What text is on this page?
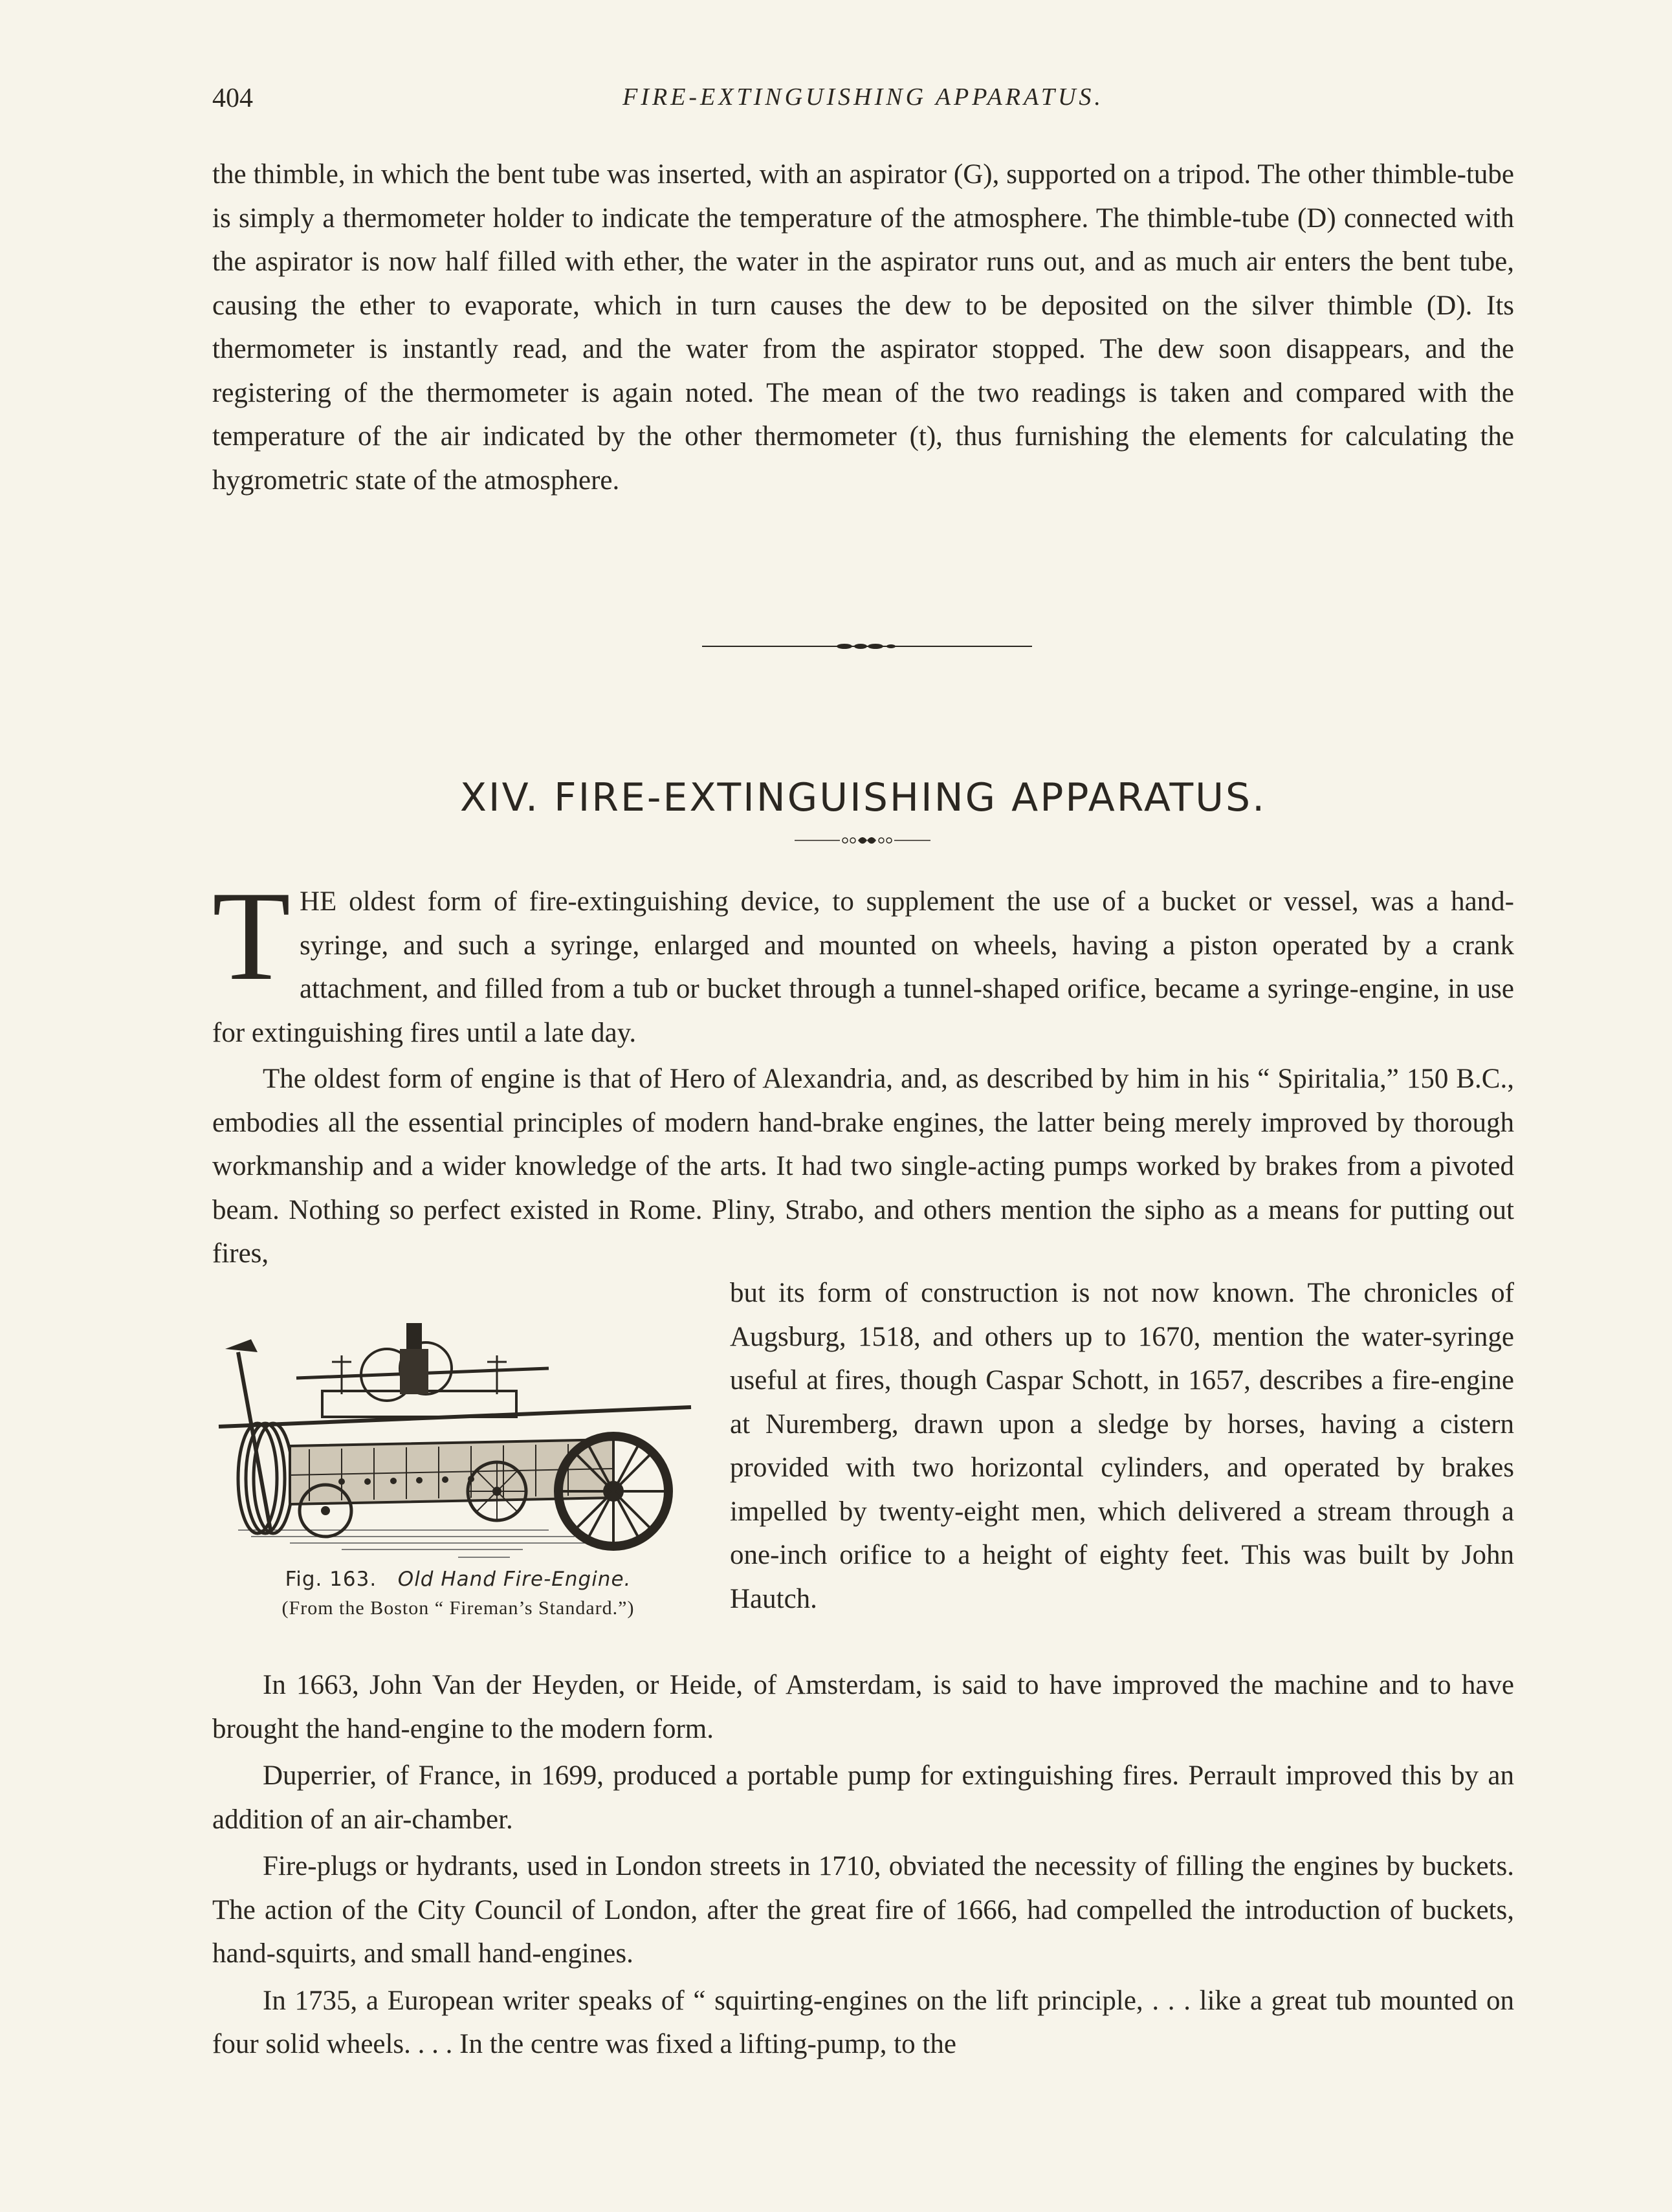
404	FIRE-EXTINGUISHING APPARATUS.

the thimble, in which the bent tube was inserted, with an aspirator (G), supported on a tripod. The other thimble-tube is simply a thermometer holder to indicate the temperature of the atmosphere. The thimble-tube (D) connected with the aspirator is now half filled with ether, the water in the aspirator runs out, and as much air enters the bent tube, causing the ether to evaporate, which in turn causes the dew to be deposited on the silver thimble (D). Its thermometer is instantly read, and the water from the aspirator stopped. The dew soon disappears, and the registering of the thermometer is again noted. The mean of the two readings is taken and compared with the temperature of the air indicated by the other thermometer (t), thus furnishing the elements for calculating the hygrometric state of the atmosphere.

XIV. FIRE-EXTINGUISHING APPARATUS.

THE oldest form of fire-extinguishing device, to supplement the use of a bucket or vessel, was a hand-syringe, and such a syringe, enlarged and mounted on wheels, having a piston operated by a crank attachment, and filled from a tub or bucket through a tunnel-shaped orifice, became a syringe-engine, in use for extinguishing fires until a late day.

The oldest form of engine is that of Hero of Alexandria, and, as described by him in his “ Spiritalia,” 150 B.C., embodies all the essential principles of modern hand-brake engines, the latter being merely improved by thorough workmanship and a wider knowledge of the arts. It had two single-acting pumps worked by brakes from a pivoted beam. Nothing so perfect existed in Rome. Pliny, Strabo, and others mention the sipho as a means for putting out fires,

but its form of construction is not now known. The chronicles of Augsburg, 1518, and others up to 1670, mention the water-syringe useful at fires, though Caspar Schott, in 1657, describes a fire-engine at Nuremberg, drawn upon a sledge by horses, having a cistern provided with two horizontal cylinders, and operated by brakes impelled by twenty-eight men, which delivered a stream through a one-inch orifice to a height of eighty feet. This was built by John Hautch.

Fig. 163. Old Hand Fire-Engine.
(From the Boston “ Fireman’s Standard.”)

In 1663, John Van der Heyden, or Heide, of Amsterdam, is said to have improved the machine and to have brought the hand-engine to the modern form.

Duperrier, of France, in 1699, produced a portable pump for extinguishing fires. Perrault improved this by an addition of an air-chamber.

Fire-plugs or hydrants, used in London streets in 1710, obviated the necessity of filling the engines by buckets. The action of the City Council of London, after the great fire of 1666, had compelled the introduction of buckets, hand-squirts, and small hand-engines.

In 1735, a European writer speaks of “ squirting-engines on the lift principle, . . . like a great tub mounted on four solid wheels. . . . In the centre was fixed a lifting-pump, to the
